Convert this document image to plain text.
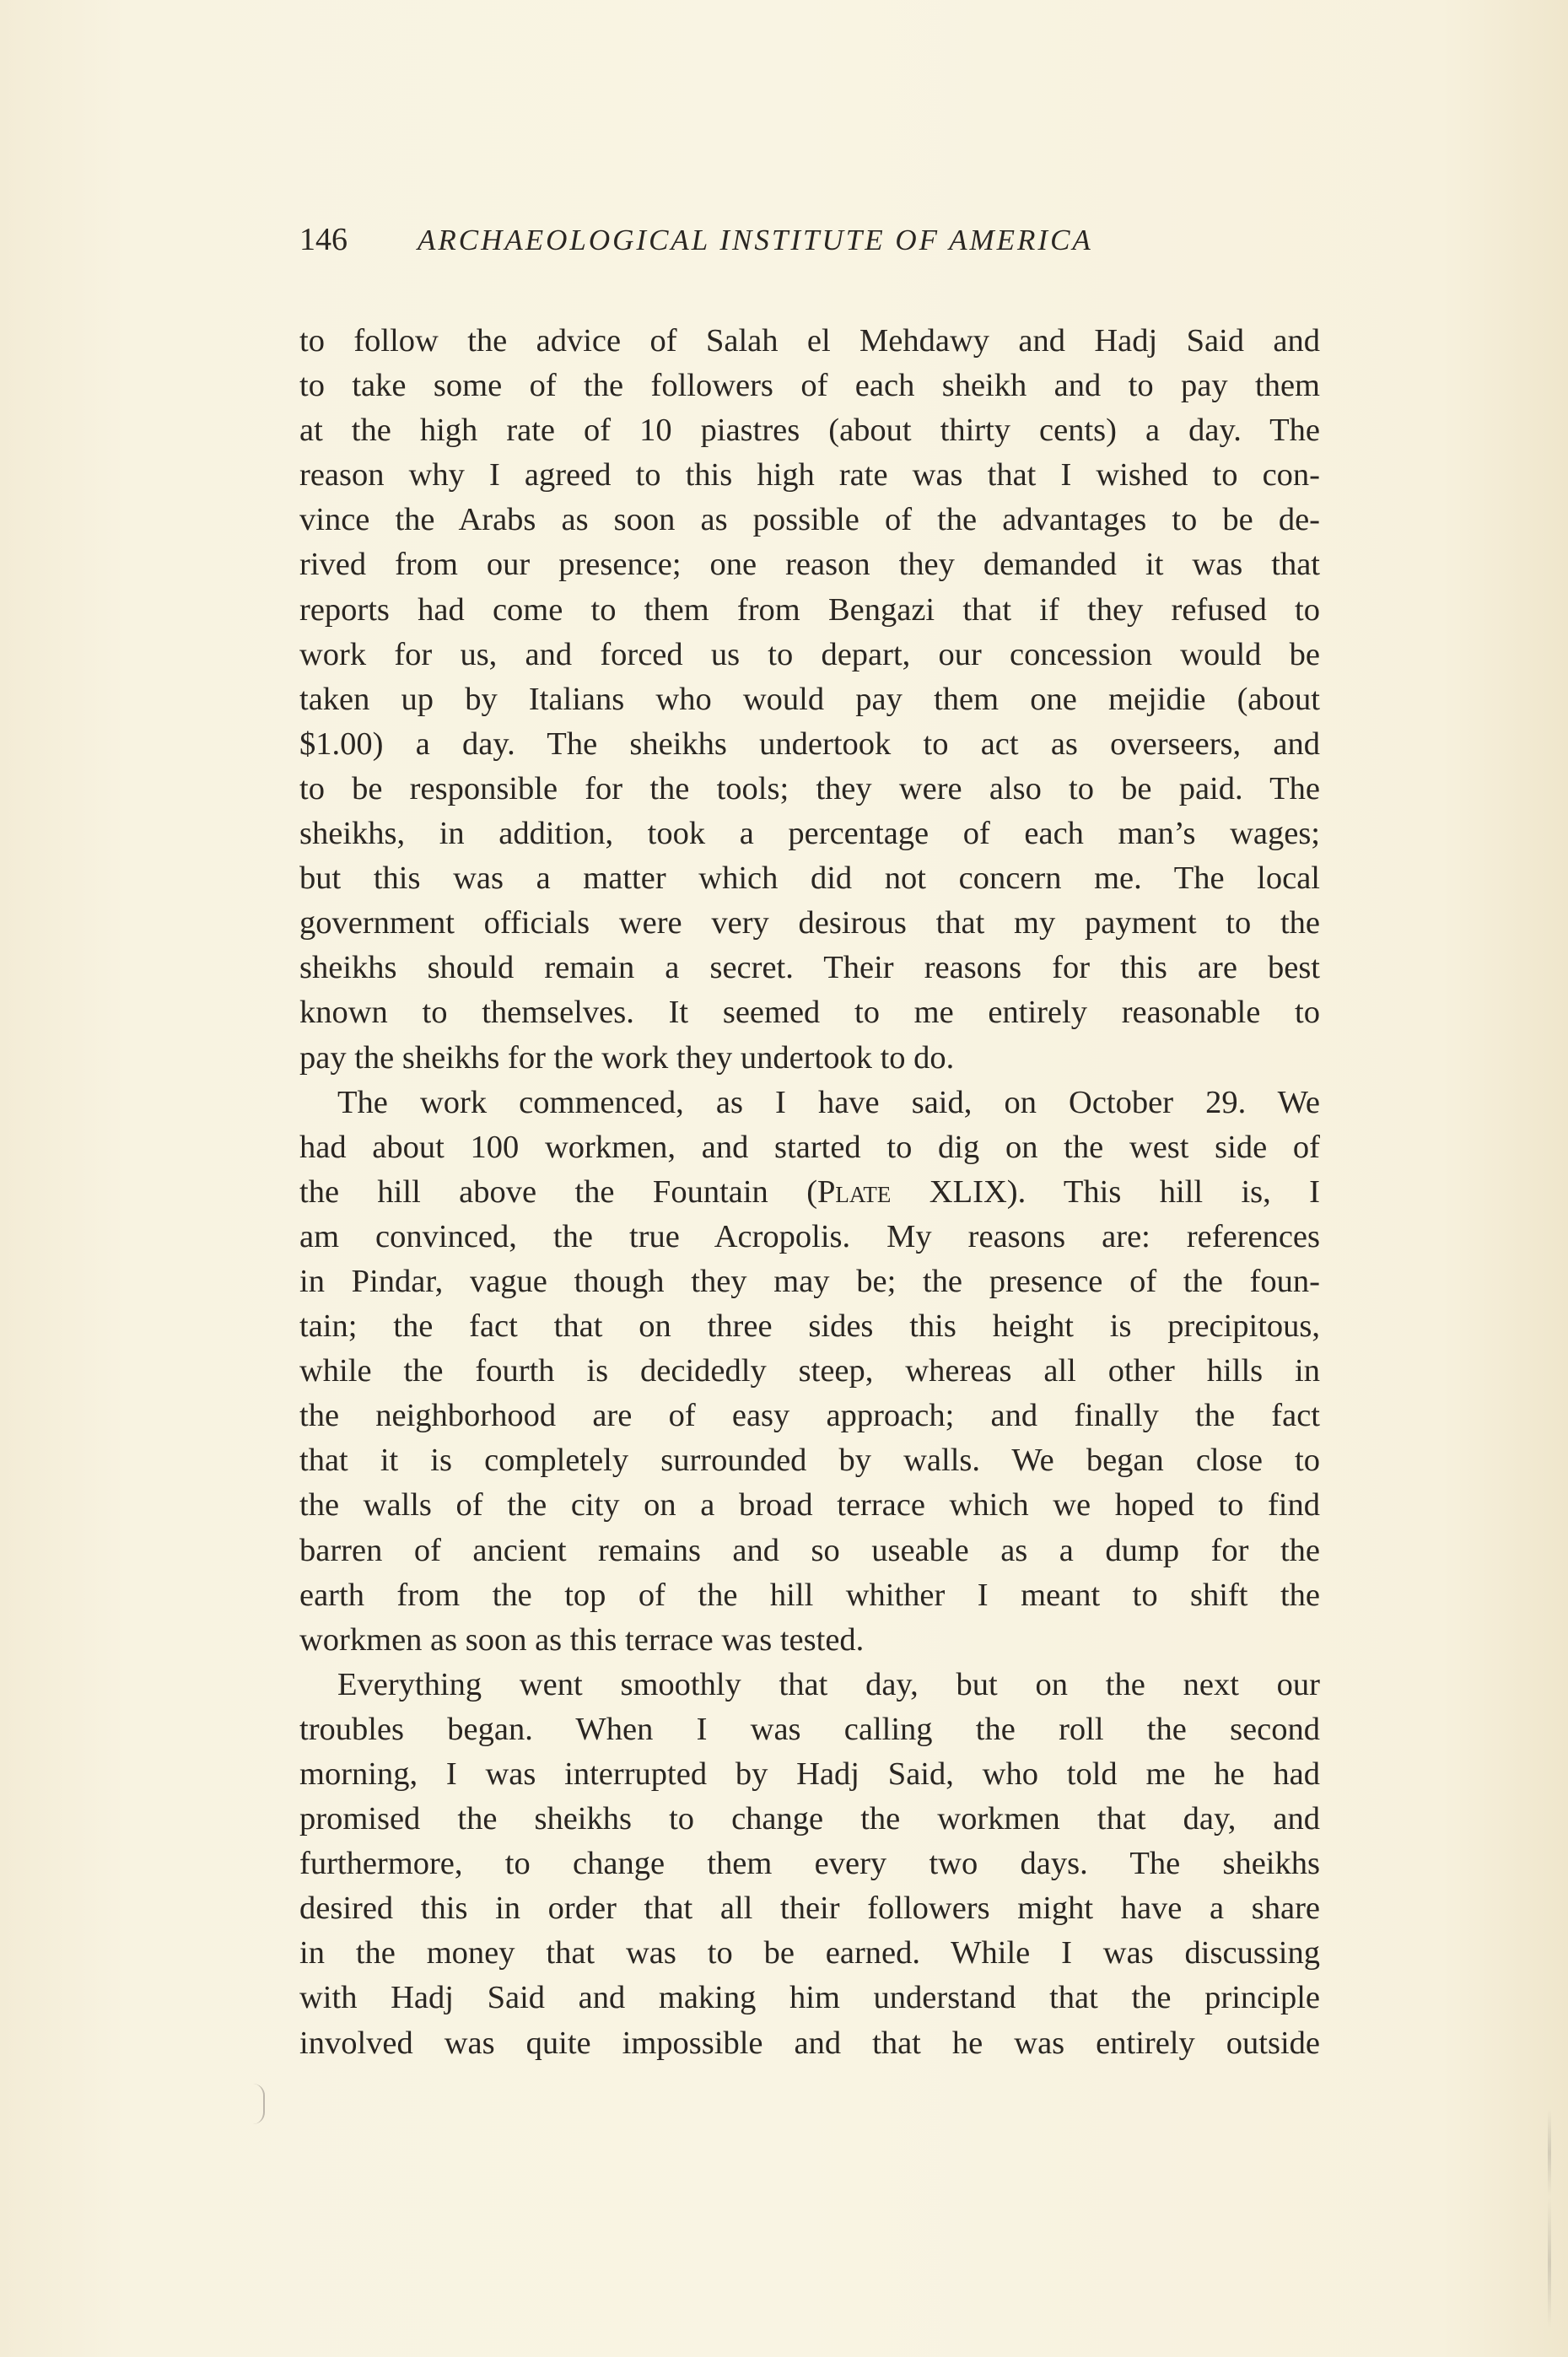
146	ARCHAEOLOGICAL INSTITUTE OF AMERICA
to follow the advice of Salah el Mehdawy and Hadj Said and
to take some of the followers of each sheikh and to pay them
at the high rate of 10 piastres (about thirty cents) a day. The
reason why I agreed to this high rate was that I wished to con-
vince the Arabs as soon as possible of the advantages to be de-
rived from our presence; one reason they demanded it was that
reports had come to them from Bengazi that if they refused to
work for us, and forced us to depart, our concession would be
taken up by Italians who would pay them one mejidie (about
$1.00) a day. The sheikhs undertook to act as overseers, and
to be responsible for the tools; they were also to be paid. The
sheikhs, in addition, took a percentage of each man’s wages;
but this was a matter which did not concern me. The local
government officials were very desirous that my payment to the
sheikhs should remain a secret. Their reasons for this are best
known to themselves. It seemed to me entirely reasonable to
pay the sheikhs for the work they undertook to do.
The work commenced, as I have said, on October 29. We
had about 100 workmen, and started to dig on the west side of
the hill above the Fountain (Plate XLIX). This hill is, I
am convinced, the true Acropolis. My reasons are: references
in Pindar, vague though they may be; the presence of the foun-
tain; the fact that on three sides this height is precipitous,
while the fourth is decidedly steep, whereas all other hills in
the neighborhood are of easy approach; and finally the fact
that it is completely surrounded by walls. We began close to
the walls of the city on a broad terrace which we hoped to find
barren of ancient remains and so useable as a dump for the
earth from the top of the hill whither I meant to shift the
workmen as soon as this terrace was tested.
Everything went smoothly that day, but on the next our
troubles began. When I was calling the roll the second
morning, I was interrupted by Hadj Said, who told me he had
promised the sheikhs to change the workmen that day, and
furthermore, to change them every two days. The sheikhs
desired this in order that all their followers might have a share
in the money that was to be earned. While I was discussing
with Hadj Said and making him understand that the principle
involved was quite impossible and that he was entirely outside
